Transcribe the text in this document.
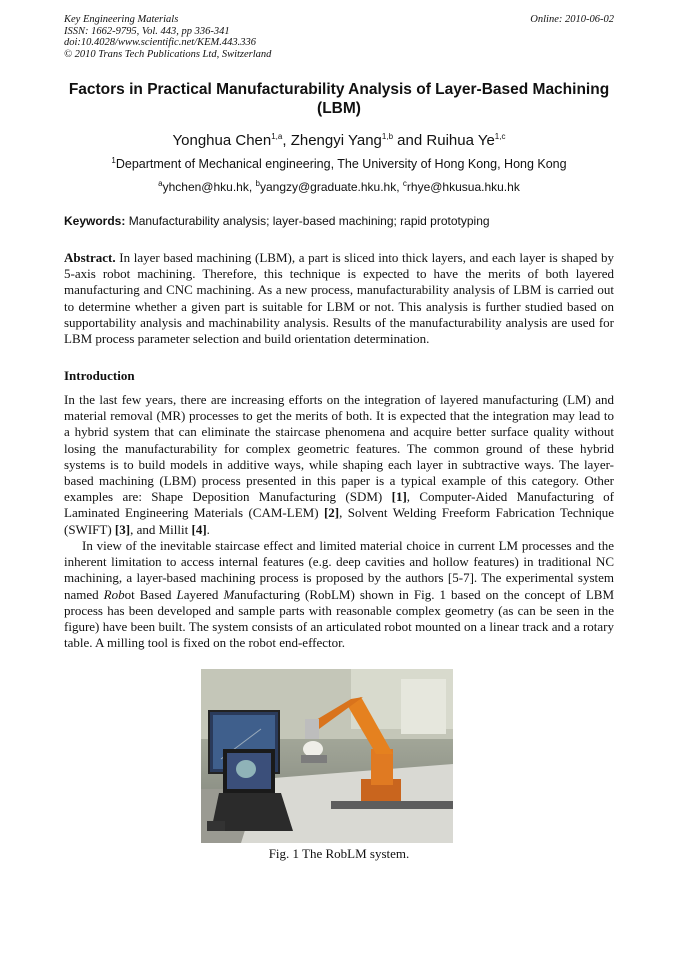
Key Engineering Materials
ISSN: 1662-9795, Vol. 443, pp 336-341
doi:10.4028/www.scientific.net/KEM.443.336
© 2010 Trans Tech Publications Ltd, Switzerland
Online: 2010-06-02
Factors in Practical Manufacturability Analysis of Layer-Based Machining (LBM)
Yonghua Chen$^{1,a}$, Zhengyi Yang$^{1,b}$ and Ruihua Ye$^{1,c}$
$^1$Department of Mechanical engineering, The University of Hong Kong, Hong Kong
$^a$yhchen@hku.hk, $^b$yangzy@graduate.hku.hk, $^c$rhye@hkusua.hku.hk
Keywords: Manufacturability analysis; layer-based machining; rapid prototyping
Abstract. In layer based machining (LBM), a part is sliced into thick layers, and each layer is shaped by 5-axis robot machining. Therefore, this technique is expected to have the merits of both layered manufacturing and CNC machining. As a new process, manufacturability analysis of LBM is carried out to determine whether a given part is suitable for LBM or not. This analysis is further studied based on supportability analysis and machinability analysis. Results of the manufacturability analysis are used for LBM process parameter selection and build orientation determination.
Introduction
In the last few years, there are increasing efforts on the integration of layered manufacturing (LM) and material removal (MR) processes to get the merits of both. It is expected that the integration may lead to a hybrid system that can eliminate the staircase phenomena and acquire better surface quality without losing the manufacturability for complex geometric features. The common ground of these hybrid systems is to build models in additive ways, while shaping each layer in subtractive ways. The layer-based machining (LBM) process presented in this paper is a typical example of this category. Other examples are: Shape Deposition Manufacturing (SDM) [1], Computer-Aided Manufacturing of Laminated Engineering Materials (CAM-LEM) [2], Solvent Welding Freeform Fabrication Technique (SWIFT) [3], and Millit [4].
In view of the inevitable staircase effect and limited material choice in current LM processes and the inherent limitation to access internal features (e.g. deep cavities and hollow features) in traditional NC machining, a layer-based machining process is proposed by the authors [5-7]. The experimental system named Robot Based Layered Manufacturing (RobLM) shown in Fig. 1 based on the concept of LBM process has been developed and sample parts with reasonable complex geometry (as can be seen in the figure) have been built. The system consists of an articulated robot mounted on a linear track and a rotary table. A milling tool is fixed on the robot end-effector.
Fig. 1 The RobLM system.
